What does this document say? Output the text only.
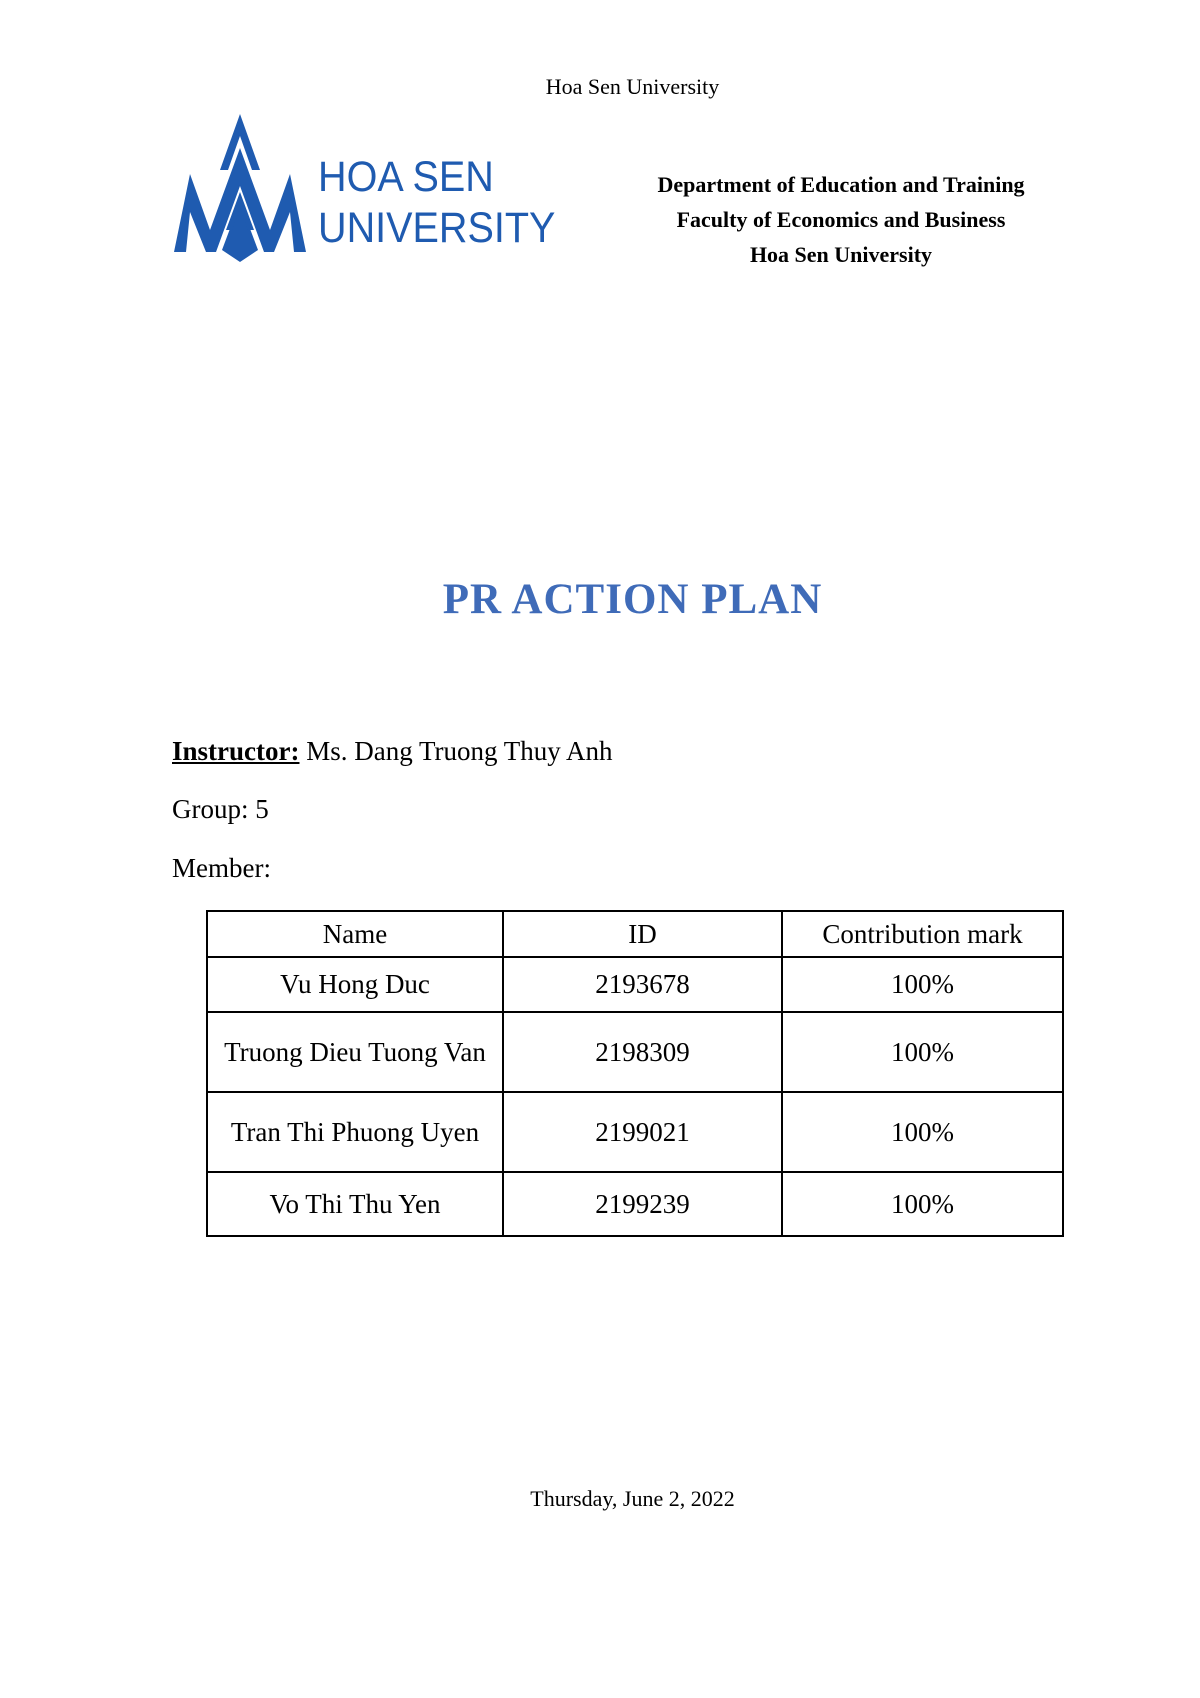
Hoa Sen University
HOA SEN
UNIVERSITY
Department of Education and Training
Faculty of Economics and Business
Hoa Sen University
PR ACTION PLAN
Instructor: Ms. Dang Truong Thuy Anh
Group: 5
Member:
Name	ID	Contribution mark
Vu Hong Duc	2193678	100%
Truong Dieu Tuong Van	2198309	100%
Tran Thi Phuong Uyen	2199021	100%
Vo Thi Thu Yen	2199239	100%
Thursday, June 2, 2022
